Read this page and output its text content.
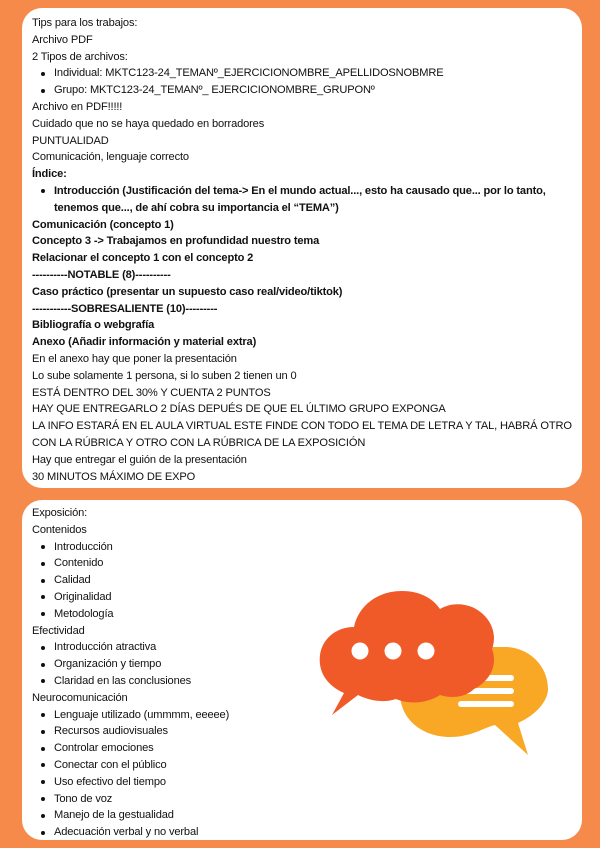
Tips para los trabajos:
Archivo PDF
2 Tipos de archivos:
Individual: MKTC123-24_TEMANº_EJERCICIONOMBRE_APELLIDOSNOBMRE
Grupo: MKTC123-24_TEMANº_ EJERCICIONOMBRE_GRUPONº
Archivo en PDF!!!!!
Cuidado que no se haya quedado en borradores
PUNTUALIDAD
Comunicación, lenguaje correcto
Índice:
Introducción (Justificación del tema-> En el mundo actual..., esto ha causado que... por lo tanto, tenemos que..., de ahí cobra su importancia el “TEMA”)
Comunicación (concepto 1)
Concepto 3 -> Trabajamos en profundidad nuestro tema
Relacionar el concepto 1 con el concepto 2
----------NOTABLE (8)----------
Caso práctico (presentar un supuesto caso real/video/tiktok)
-----------SOBRESALIENTE (10)---------
Bibliografía o webgrafía
Anexo (Añadir información y material extra)
En el anexo hay que poner la presentación
Lo sube solamente 1 persona, si lo suben 2 tienen un 0
ESTÁ DENTRO DEL 30% Y CUENTA 2 PUNTOS
HAY QUE ENTREGARLO 2 DÍAS DEPUÉS DE QUE EL ÚLTIMO GRUPO EXPONGA
LA INFO ESTARÁ EN EL AULA VIRTUAL ESTE FINDE CON TODO EL TEMA DE LETRA Y TAL, HABRÁ OTRO
CON LA RÚBRICA Y OTRO CON LA RÚBRICA DE LA EXPOSICIÓN
Hay que entregar el guión de la presentación
30 MINUTOS MÁXIMO DE EXPO
Exposición:
Contenidos
Introducción
Contenido
Calidad
Originalidad
Metodología
Efectividad
Introducción atractiva
Organización y tiempo
Claridad en las conclusiones
Neurocomunicación
Lenguaje utilizado (ummmm, eeeee)
Recursos audiovisuales
Controlar emociones
Conectar con el público
Uso efectivo del tiempo
Tono de voz
Manejo de la gestualidad
Adecuación verbal y no verbal
